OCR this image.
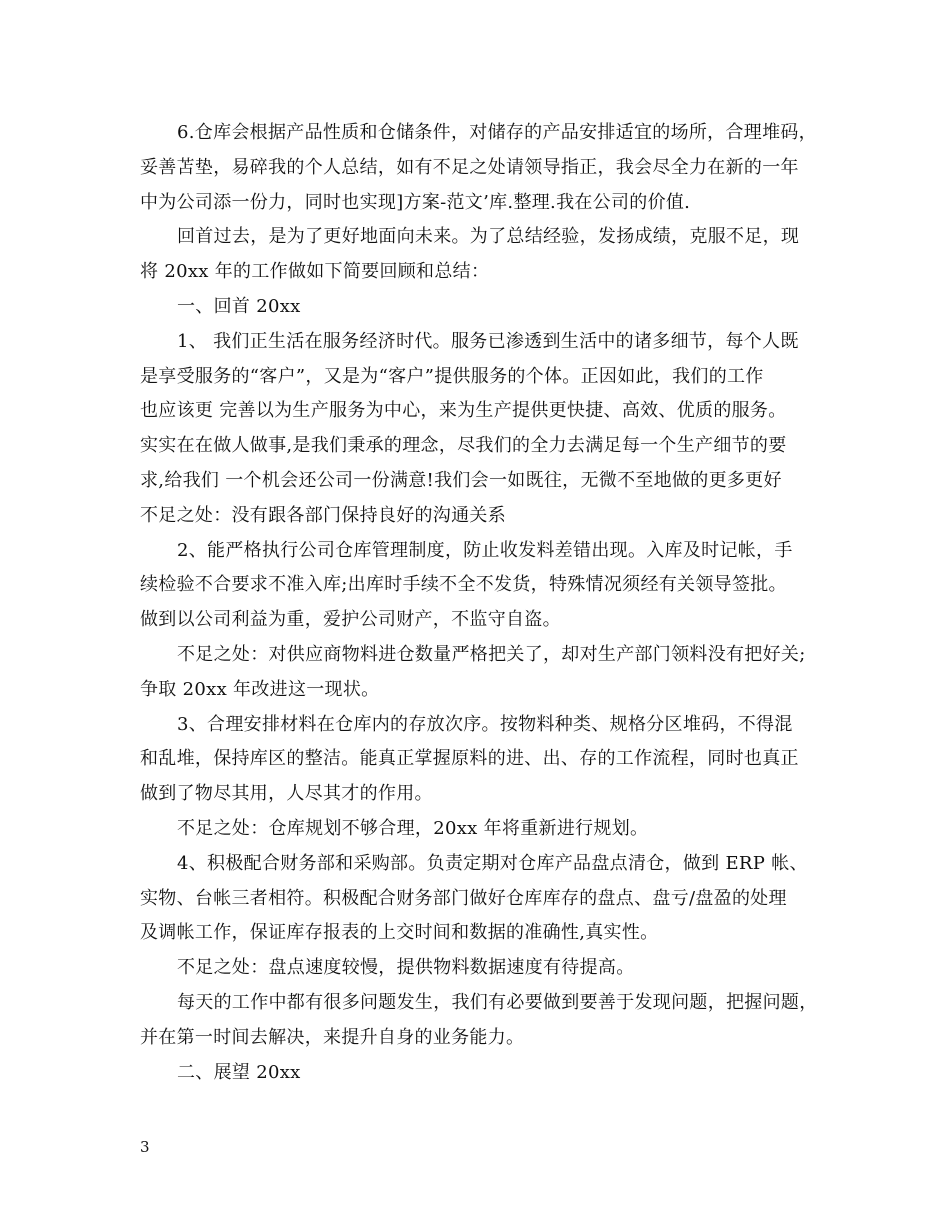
6.仓库会根据产品性质和仓储条件，对储存的产品安排适宜的场所，合理堆码，
妥善苫垫，易碎我的个人总结，如有不足之处请领导指正，我会尽全力在新的一年
中为公司添一份力，同时也实现]方案-范文’库.整理.我在公司的价值.
回首过去，是为了更好地面向未来。为了总结经验，发扬成绩，克服不足，现
将 20xx 年的工作做如下简要回顾和总结：
一、回首 20xx
1、 我们正生活在服务经济时代。服务已渗透到生活中的诸多细节，每个人既
是享受服务的“客户”，又是为“客户”提供服务的个体。正因如此，我们的工作
也应该更 完善以为生产服务为中心，来为生产提供更快捷、高效、优质的服务。
实实在在做人做事,是我们秉承的理念，尽我们的全力去满足每一个生产细节的要
求,给我们 一个机会还公司一份满意!我们会一如既往，无微不至地做的更多更好
不足之处：没有跟各部门保持良好的沟通关系
2、能严格执行公司仓库管理制度，防止收发料差错出现。入库及时记帐，手
续检验不合要求不准入库;出库时手续不全不发货，特殊情况须经有关领导签批。
做到以公司利益为重，爱护公司财产，不监守自盗。
不足之处：对供应商物料进仓数量严格把关了，却对生产部门领料没有把好关;
争取 20xx 年改进这一现状。
3、合理安排材料在仓库内的存放次序。按物料种类、规格分区堆码，不得混
和乱堆，保持库区的整洁。能真正掌握原料的进、出、存的工作流程，同时也真正
做到了物尽其用，人尽其才的作用。
不足之处：仓库规划不够合理，20xx 年将重新进行规划。
4、积极配合财务部和采购部。负责定期对仓库产品盘点清仓，做到 ERP 帐、
实物、台帐三者相符。积极配合财务部门做好仓库库存的盘点、盘亏/盘盈的处理
及调帐工作，保证库存报表的上交时间和数据的准确性,真实性。
不足之处：盘点速度较慢，提供物料数据速度有待提高。
每天的工作中都有很多问题发生，我们有必要做到要善于发现问题，把握问题，
并在第一时间去解决，来提升自身的业务能力。
二、展望 20xx
3
